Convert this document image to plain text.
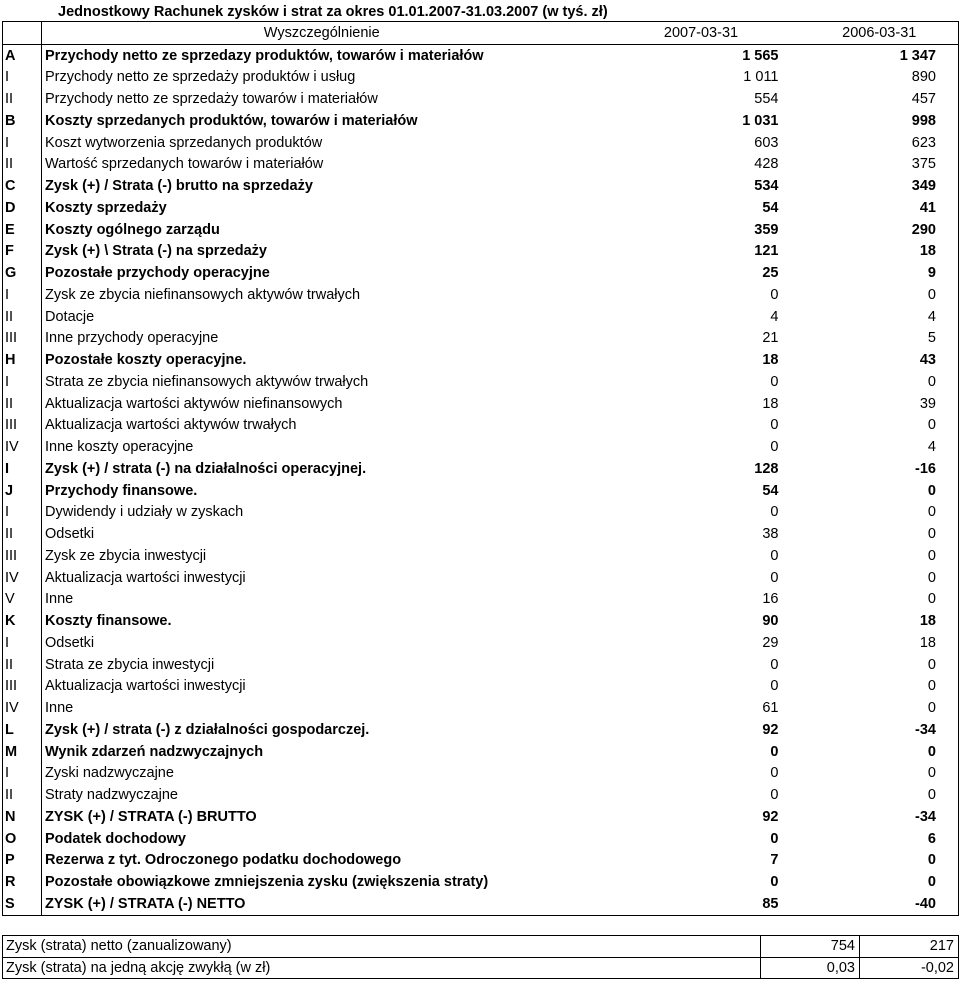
Jednostkowy Rachunek zysków i strat za okres 01.01.2007-31.03.2007 (w tyś. zł)
	Wyszczególnienie	2007-03-31	2006-03-31
A	Przychody netto ze sprzedazy produktów, towarów i materiałów	1 565	1 347
I	Przychody netto ze sprzedaży produktów i usług	1 011	890
II	Przychody netto ze sprzedaży towarów i materiałów	554	457
B	Koszty sprzedanych produktów, towarów i materiałów	1 031	998
I	Koszt wytworzenia sprzedanych produktów	603	623
II	Wartość sprzedanych towarów i materiałów	428	375
C	Zysk (+) / Strata (-) brutto na sprzedaży	534	349
D	Koszty sprzedaży	54	41
E	Koszty ogólnego zarządu	359	290
F	Zysk (+) \ Strata (-) na sprzedaży	121	18
G	Pozostałe przychody operacyjne	25	9
I	Zysk ze zbycia niefinansowych aktywów trwałych	0	0
II	Dotacje	4	4
III	Inne przychody operacyjne	21	5
H	Pozostałe koszty operacyjne.	18	43
I	Strata ze zbycia niefinansowych aktywów trwałych	0	0
II	Aktualizacja wartości aktywów niefinansowych	18	39
III	Aktualizacja wartości aktywów trwałych	0	0
IV	Inne koszty operacyjne	0	4
I	Zysk (+) / strata (-) na działalności operacyjnej.	128	-16
J	Przychody finansowe.	54	0
I	Dywidendy i udziały w zyskach	0	0
II	Odsetki	38	0
III	Zysk ze zbycia inwestycji	0	0
IV	Aktualizacja wartości inwestycji	0	0
V	Inne	16	0
K	Koszty finansowe.	90	18
I	Odsetki	29	18
II	Strata ze zbycia inwestycji	0	0
III	Aktualizacja wartości inwestycji	0	0
IV	Inne	61	0
L	Zysk (+) / strata (-) z działalności gospodarczej.	92	-34
M	Wynik zdarzeń nadzwyczajnych	0	0
I	Zyski nadzwyczajne	0	0
II	Straty nadzwyczajne	0	0
N	ZYSK (+) / STRATA (-) BRUTTO	92	-34
O	Podatek dochodowy	0	6
P	Rezerwa z tyt. Odroczonego podatku dochodowego	7	0
R	Pozostałe obowiązkowe zmniejszenia zysku (zwiększenia straty)	0	0
S	ZYSK (+) / STRATA (-) NETTO	85	-40
Zysk (strata) netto (zanualizowany)	754	217
Zysk (strata) na jedną akcję zwykłą (w zł)	0,03	-0,02
